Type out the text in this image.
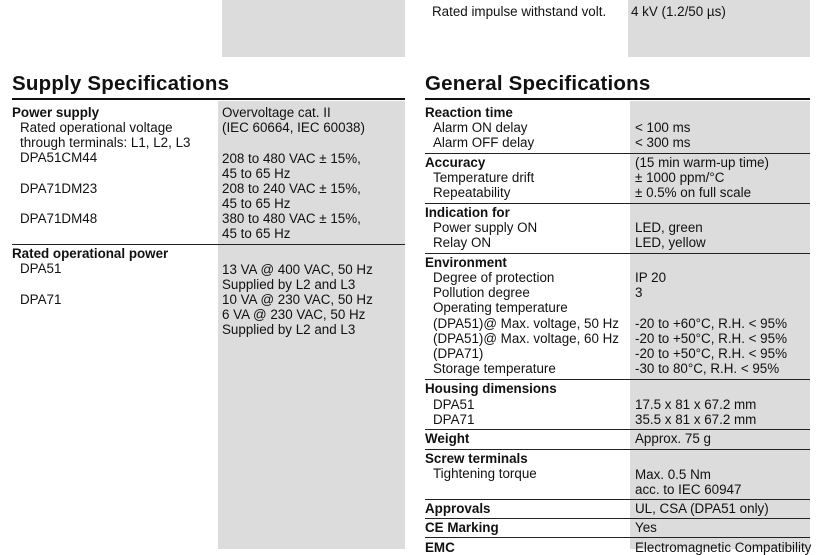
Rated impulse withstand volt. 4 kV (1.2/50 µs)
Supply Specifications
Power supply	Overvoltage cat. II
Rated operational voltage	(IEC 60664, IEC 60038)
through terminals: L1, L2, L3
DPA51CM44	208 to 480 VAC ± 15%,
45 to 65 Hz
DPA71DM23	208 to 240 VAC ± 15%,
45 to 65 Hz
DPA71DM48	380 to 480 VAC ± 15%,
45 to 65 Hz
Rated operational power
DPA51	13 VA @ 400 VAC, 50 Hz
Supplied by L2 and L3
DPA71	10 VA @ 230 VAC, 50 Hz
6 VA @ 230 VAC, 50 Hz
Supplied by L2 and L3
General Specifications
Reaction time
Alarm ON delay	< 100 ms
Alarm OFF delay	< 300 ms
Accuracy	(15 min warm-up time)
Temperature drift	± 1000 ppm/°C
Repeatability	± 0.5% on full scale
Indication for
Power supply ON	LED, green
Relay ON	LED, yellow
Environment
Degree of protection	IP 20
Pollution degree	3
Operating temperature
(DPA51)@ Max. voltage, 50 Hz -20 to +60°C, R.H. < 95%
(DPA51)@ Max. voltage, 60 Hz -20 to +50°C, R.H. < 95%
(DPA71)	-20 to +50°C, R.H. < 95%
Storage temperature	-30 to 80°C, R.H. < 95%
Housing dimensions
DPA51	17.5 x 81 x 67.2 mm
DPA71	35.5 x 81 x 67.2 mm
Weight	Approx. 75 g
Screw terminals
Tightening torque	Max. 0.5 Nm
acc. to IEC 60947
Approvals	UL, CSA (DPA51 only)
CE Marking	Yes
EMC	Electromagnetic Compatibility
